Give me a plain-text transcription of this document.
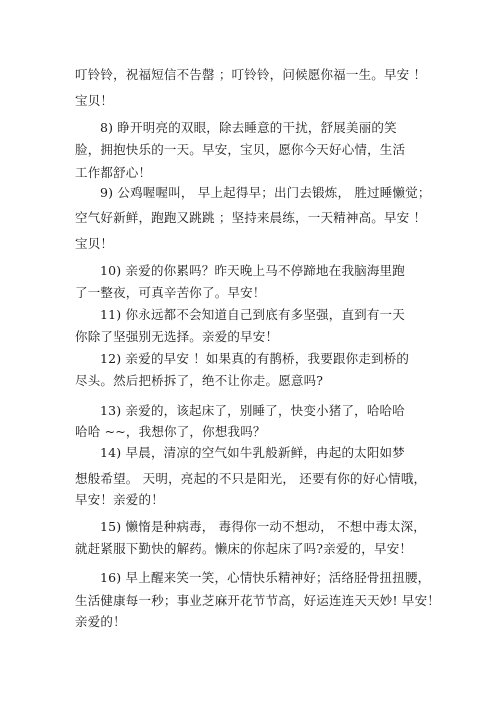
叮铃铃，祝福短信不告罄 ；叮铃铃，问候愿你福一生。早安 ！
宝贝！
8) 睁开明亮的双眼，除去睡意的干扰，舒展美丽的笑
脸，拥抱快乐的一天。早安，宝贝，愿你今天好心情，生活
工作都舒心！
9) 公鸡喔喔叫， 早上起得早；出门去锻炼， 胜过睡懒觉；
空气好新鲜，跑跑又跳跳 ；坚持来晨练，一天精神高。早安 ！
宝贝！
10) 亲爱的你累吗？昨天晚上马不停蹄地在我脑海里跑
了一整夜，可真辛苦你了。早安！
11) 你永远都不会知道自己到底有多坚强，直到有一天
你除了坚强别无选择。亲爱的早安！
12) 亲爱的早安 ！如果真的有鹊桥，我要跟你走到桥的
尽头。然后把桥拆了，绝不让你走。愿意吗?
13) 亲爱的，该起床了，别睡了，快变小猪了，哈哈哈
哈哈 ~~，我想你了，你想我吗？
14) 早晨，清凉的空气如牛乳般新鲜，冉起的太阳如梦
想般希望。 天明，亮起的不只是阳光， 还要有你的好心情哦，
早安！亲爱的！
15) 懒惰是种病毒， 毒得你一动不想动， 不想中毒太深，
就赶紧服下勤快的解药。懒床的你起床了吗?亲爱的，早安！
16) 早上醒来笑一笑，心情快乐精神好；活络胫骨扭扭腰，
生活健康每一秒；事业芝麻开花节节高，好运连连天天妙! 早安！
亲爱的！
